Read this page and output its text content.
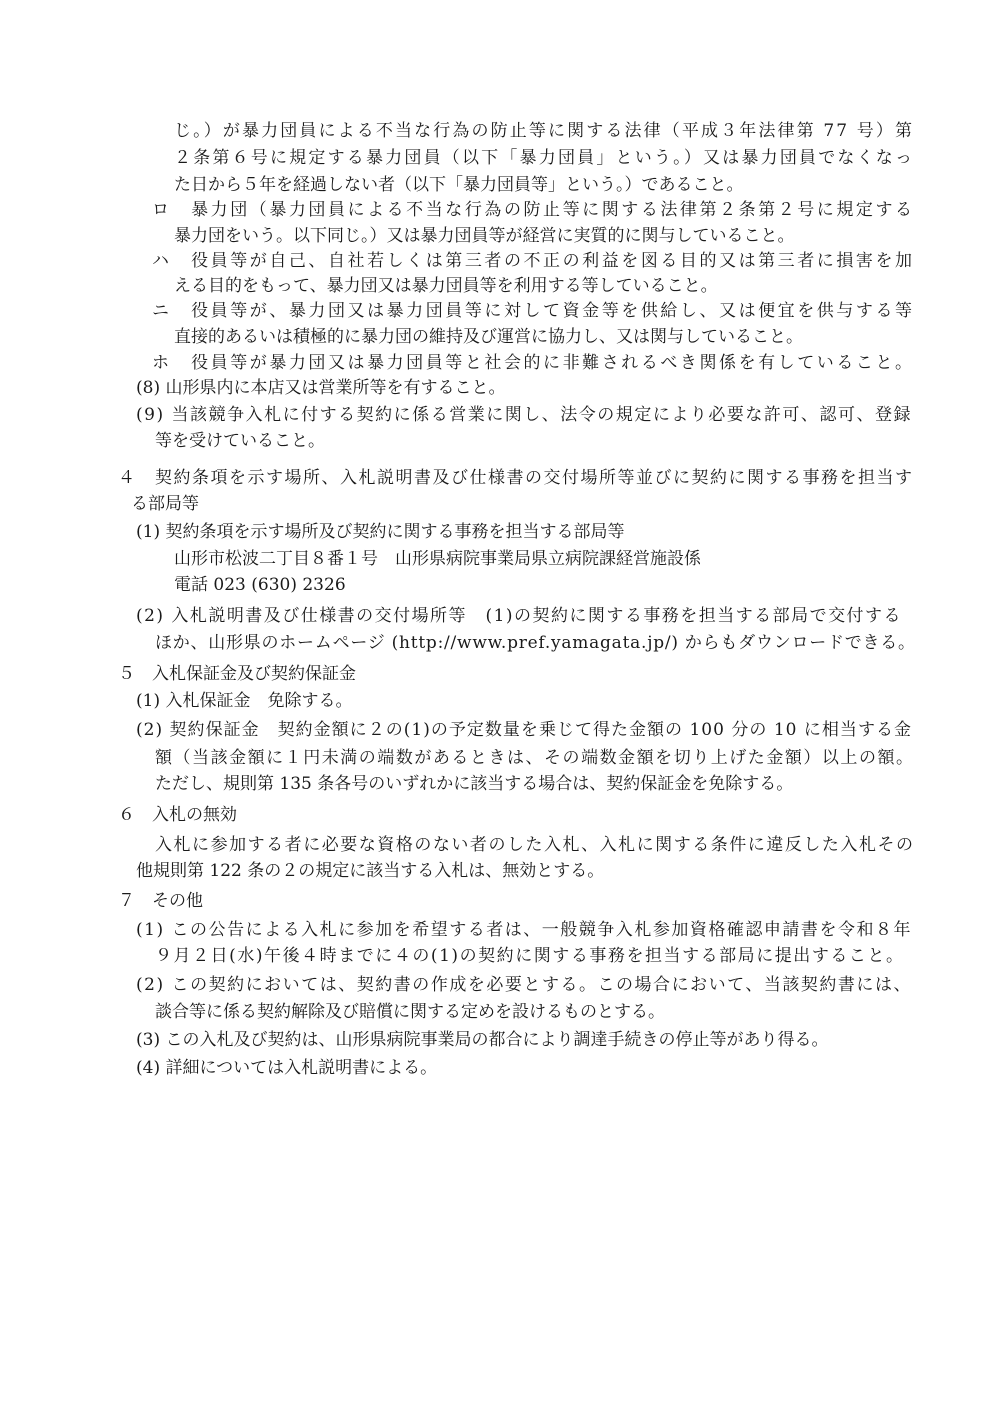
じ。）が暴力団員による不当な行為の防止等に関する法律（平成３年法律第 77 号）第
２条第６号に規定する暴力団員（以下「暴力団員」という。）又は暴力団員でなくなっ
た日から５年を経過しない者（以下「暴力団員等」という。）であること。
ロ　暴力団（暴力団員による不当な行為の防止等に関する法律第２条第２号に規定する
暴力団をいう。以下同じ。）又は暴力団員等が経営に実質的に関与していること。
ハ　役員等が自己、自社若しくは第三者の不正の利益を図る目的又は第三者に損害を加
える目的をもって、暴力団又は暴力団員等を利用する等していること。
ニ　役員等が、暴力団又は暴力団員等に対して資金等を供給し、又は便宜を供与する等
直接的あるいは積極的に暴力団の維持及び運営に協力し、又は関与していること。
ホ　役員等が暴力団又は暴力団員等と社会的に非難されるべき関係を有していること。
(8) 山形県内に本店又は営業所等を有すること。
(9) 当該競争入札に付する契約に係る営業に関し、法令の規定により必要な許可、認可、登録
等を受けていること。
４　契約条項を示す場所、入札説明書及び仕様書の交付場所等並びに契約に関する事務を担当す
る部局等
(1) 契約条項を示す場所及び契約に関する事務を担当する部局等
山形市松波二丁目８番１号　山形県病院事業局県立病院課経営施設係
電話 023 (630) 2326
(2) 入札説明書及び仕様書の交付場所等　(1)の契約に関する事務を担当する部局で交付する
ほか、山形県のホームページ (http://www.pref.yamagata.jp/) からもダウンロードできる。
５　入札保証金及び契約保証金
(1) 入札保証金　免除する。
(2) 契約保証金　契約金額に２の(1)の予定数量を乗じて得た金額の 100 分の 10 に相当する金
額（当該金額に１円未満の端数があるときは、その端数金額を切り上げた金額）以上の額。
ただし、規則第 135 条各号のいずれかに該当する場合は、契約保証金を免除する。
６　入札の無効
入札に参加する者に必要な資格のない者のした入札、入札に関する条件に違反した入札その
他規則第 122 条の２の規定に該当する入札は、無効とする。
７　その他
(1) この公告による入札に参加を希望する者は、一般競争入札参加資格確認申請書を令和８年
９月２日(水)午後４時までに４の(1)の契約に関する事務を担当する部局に提出すること。
(2) この契約においては、契約書の作成を必要とする。この場合において、当該契約書には、
談合等に係る契約解除及び賠償に関する定めを設けるものとする。
(3) この入札及び契約は、山形県病院事業局の都合により調達手続きの停止等があり得る。
(4) 詳細については入札説明書による。
